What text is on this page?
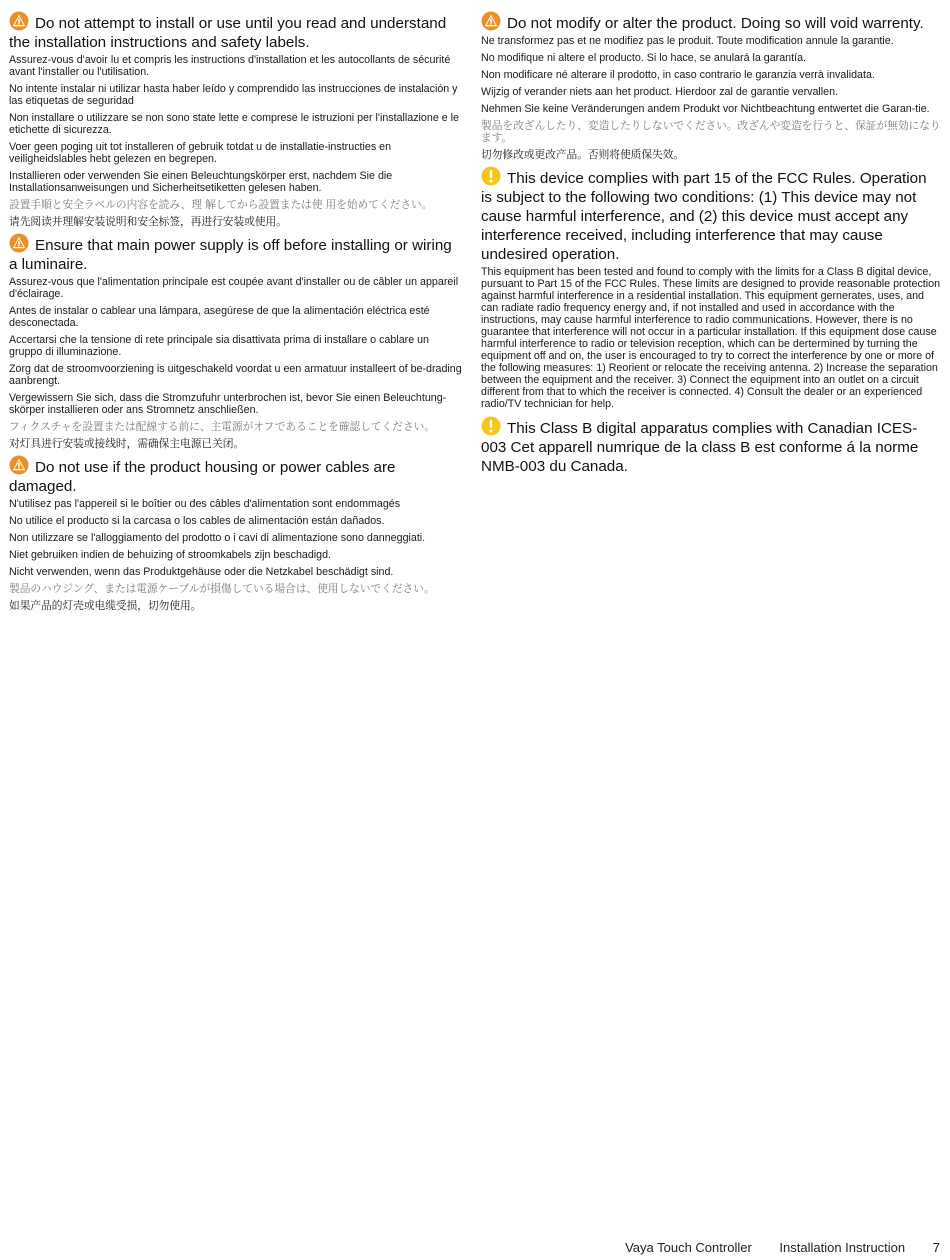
Do not attempt to install or use until you read and understand the installation instructions and safety labels.
Assurez-vous d'avoir lu et compris les instructions d'installation et les autocollants de sécurité avant l'installer ou l'utilisation.
No intente instalar ni utilizar hasta haber leído y comprendido las instrucciones de instalación y las etiquetas de seguridad
Non installare o utilizzare se non sono state lette e comprese le istruzioni per l'installazione e le etichette di sicurezza.
Voer geen poging uit tot installeren of gebruik totdat u de installatie-instructies en veiligheidslables hebt gelezen en begrepen.
Installieren oder verwenden Sie einen Beleuchtungskörper erst, nachdem Sie die Installationsanweisungen und Sicherheitsetiketten gelesen haben.
設置手順と安全ラベルの内容を読み、理 解してから設置または使 用を始めてください。
请先阅读并理解安装说明和安全标签，再进行安装或使用。
Ensure that main power supply is off before installing or wiring a luminaire.
Assurez-vous que l'alimentation principale est coupée avant d'installer ou de câbler un appareil d'éclairage.
Antes de instalar o cablear una lámpara, asegúrese de que la alimentación eléctrica esté desconectada.
Accertarsi che la tensione di rete principale sia disattivata prima di installare o cablare un gruppo di illuminazione.
Zorg dat de stroomvoorziening is uitgeschakeld voordat u een armatuur installeert of be-drading aanbrengt.
Vergewissern Sie sich, dass die Stromzufuhr unterbrochen ist, bevor Sie einen Beleuchtung-skörper installieren oder ans Stromnetz anschließen.
フィクスチャを設置または配線する前に、主電源がオフであることを確認してください。
对灯具进行安装或接线时，需确保主电源已关闭。
Do not use if the product housing or power cables are damaged.
N'utilisez pas l'appereil si le boîtier ou des câbles d'alimentation sont endommagés
No utilice el producto si la carcasa o los cables de alimentación están dañados.
Non utilizzare se l'alloggiamento del prodotto o i cavi di alimentazione sono danneggiati.
Niet gebruiken indien de behuizing of stroomkabels zijn beschadigd.
Nicht verwenden, wenn das Produktgehäuse oder die Netzkabel beschädigt sind.
製品のハウジング、または電源ケーブルが損傷している場合は、使用しないでください。
如果产品的灯壳或电缆受损，切勿使用。
Do not modify or alter the product. Doing so will void warrenty.
Ne transformez pas et ne modifiez pas le produit. Toute modification annule la garantie.
No modifique ni altere el producto. Si lo hace, se anulará la garantía.
Non modificare né alterare il prodotto, in caso contrario le garanzia verrà invalidata.
Wijzig of verander niets aan het product. Hierdoor zal de garantie vervallen.
Nehmen Sie keine Veränderungen andem Produkt vor Nichtbeachtung entwertet die Garan-tie.
製品を改ざんしたり、変造したりしないでください。改ざんや変造を行うと、保証が無効になります。
切勿修改或更改产品。否则将使质保失效。
This device complies with part 15 of the FCC Rules. Operation is subject to the following two conditions: (1) This device may not cause harmful interference, and (2) this device must accept any interference received, including interference that may cause undesired operation.
This equipment has been tested and found to comply with the limits for a Class B digital device, pursuant to Part 15 of the FCC Rules. These limits are designed to provide reasonable protection against harmful interference in a residential installation. This equipment gernerates, uses, and can radiate radio frequency energy and, if not installed and used in accordance with the instructions, may cause harmful interference to radio communications. However, there is no guarantee that interference will not occur in a particular installation. If this equipment dose cause harmful interference to radio or television reception, which can be dertermined by turning the equipment off and on, the user is encouraged to try to correct the interference by one or more of the following measures: 1) Reorient or relocate the receiving antenna. 2) Increase the separation between the equipment and the receiver. 3) Connect the equipment into an outlet on a circuit different from that to which the receiver is connected. 4) Consult the dealer or an experienced radio/TV technician for help.
This Class B digital apparatus complies with Canadian ICES-003 Cet apparell numrique de la class B est conforme á la norme NMB-003 du Canada.
Vaya Touch Controller Installation Instruction 7
